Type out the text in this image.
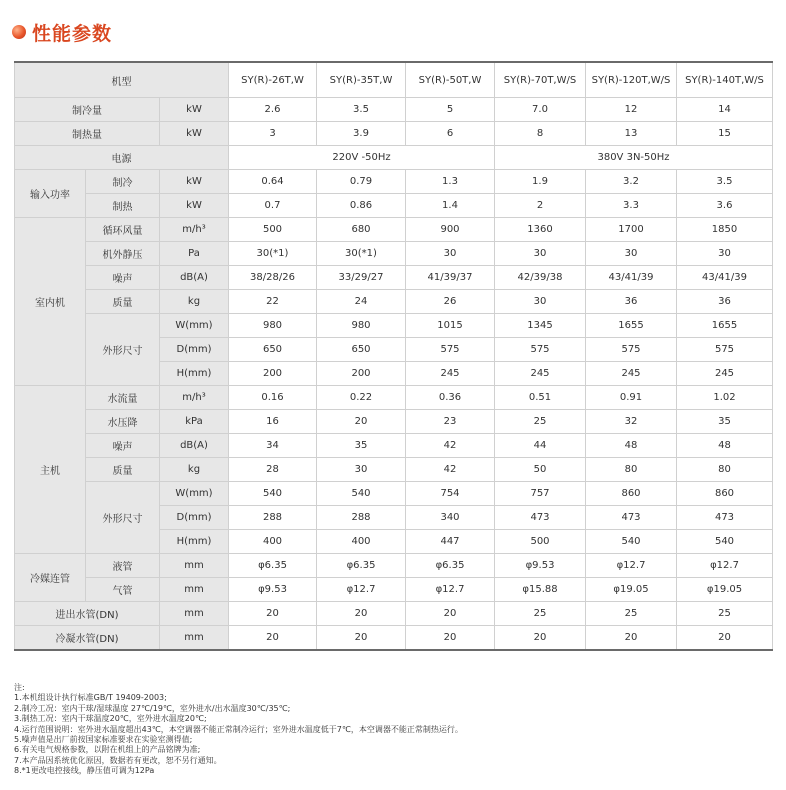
性能参数
机型			SY(R)-26T,W	SY(R)-35T,W	SY(R)-50T,W	SY(R)-70T,W/S	SY(R)-120T,W/S	SY(R)-140T,W/S
制冷量		kW	2.6	3.5	5	7.0	12	14
制热量		kW	3	3.9	6	8	13	15
电源			220V -50Hz			380V 3N-50Hz		
输入功率	制冷	kW	0.64	0.79	1.3	1.9	3.2	3.5
	制热	kW	0.7	0.86	1.4	2	3.3	3.6
室内机	循环风量	m/h³	500	680	900	1360	1700	1850
	机外静压	Pa	30(*1)	30(*1)	30	30	30	30
	噪声	dB(A)	38/28/26	33/29/27	41/39/37	42/39/38	43/41/39	43/41/39
	质量	kg	22	24	26	30	36	36
	外形尺寸	W(mm)	980	980	1015	1345	1655	1655
		D(mm)	650	650	575	575	575	575
		H(mm)	200	200	245	245	245	245
主机	水流量	m/h³	0.16	0.22	0.36	0.51	0.91	1.02
	水压降	kPa	16	20	23	25	32	35
	噪声	dB(A)	34	35	42	44	48	48
	质量	kg	28	30	42	50	80	80
	外形尺寸	W(mm)	540	540	754	757	860	860
		D(mm)	288	288	340	473	473	473
		H(mm)	400	400	447	500	540	540
冷媒连管	液管	mm	φ6.35	φ6.35	φ6.35	φ9.53	φ12.7	φ12.7
	气管	mm	φ9.53	φ12.7	φ12.7	φ15.88	φ19.05	φ19.05
进出水管(DN)		mm	20	20	20	25	25	25
冷凝水管(DN)		mm	20	20	20	20	20	20
注:
1.本机组设计执行标准GB/T 19409-2003;
2.制冷工况：室内干球/湿球温度 27℃/19℃，室外进水/出水温度30℃/35℃;
3.制热工况：室内干球温度20℃，室外进水温度20℃;
4.运行范围说明：室外进水温度超出43℃，本空调器不能正常制冷运行；室外进水温度低于7℃，本空调器不能正常制热运行。
5.噪声值是出厂前按国家标准要求在实验室测得值;
6.有关电气规格参数，以附在机组上的产品铭牌为准;
7.本产品因系统优化原因，数据若有更改，恕不另行通知。
8.*1更改电控接线，静压值可调为12Pa
